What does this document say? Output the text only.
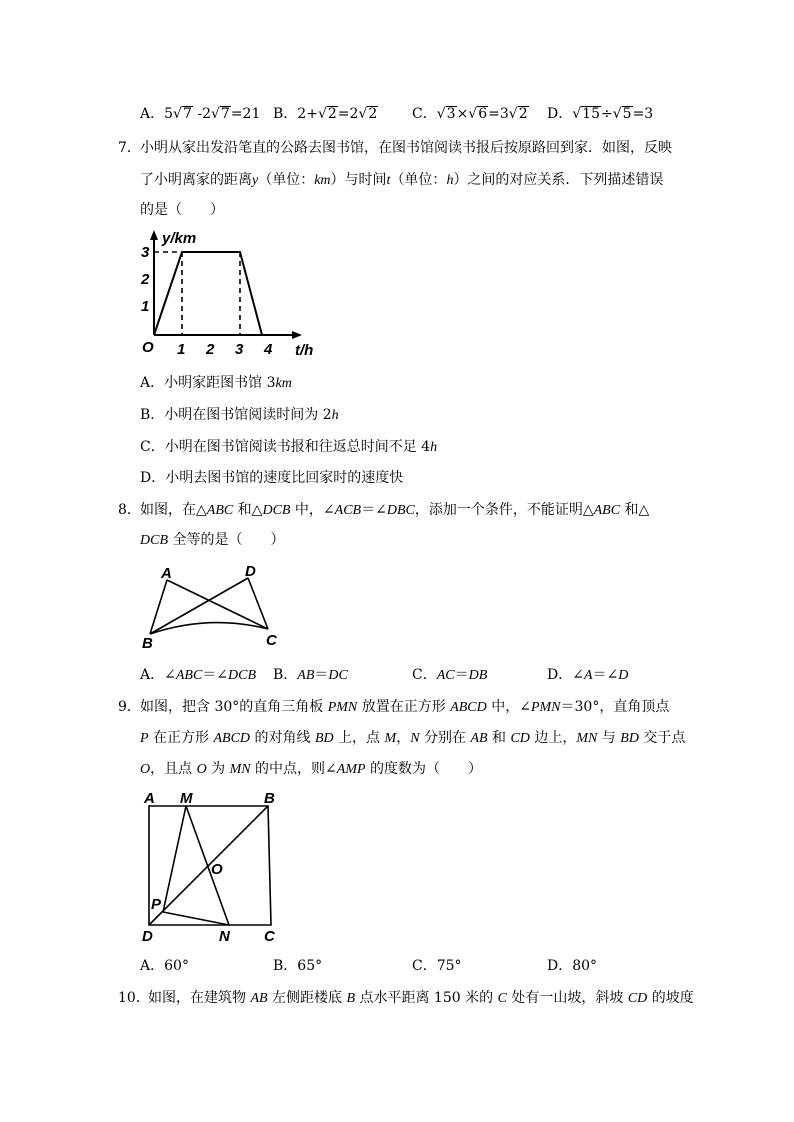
A．5√7 -2√7=21 B．2+√2=2√2 C．√3×√6=3√2 D．√15÷√5=3
7． 小明从家出发沿笔直的公路去图书馆，在图书馆阅读书报后按原路回到家．如图，反映
了小明离家的距离y（单位：km）与时间t（单位：h）之间的对应关系．下列描述错误
的是（　　）
y/km
3
2
1
O 1 2 3 4 t/h
A．小明家距图书馆 3km
B．小明在图书馆阅读时间为 2h
C．小明在图书馆阅读书报和往返总时间不足 4h
D．小明去图书馆的速度比回家时的速度快
8． 如图，在△ABC 和△DCB 中，∠ACB＝∠DBC，添加一个条件，不能证明△ABC 和△
DCB 全等的是（　　）
A	D
B	C
A．∠ABC＝∠DCB B．AB＝DC	C．AC＝DB	D．∠A＝∠D
9． 如图，把含 30°的直角三角板 PMN 放置在正方形 ABCD 中，∠PMN＝30°，直角顶点
P 在正方形 ABCD 的对角线 BD 上，点 M，N 分别在 AB 和 CD 边上，MN 与 BD 交于点
O，且点 O 为 MN 的中点，则∠AMP 的度数为（　　）
A M	B
O
P
D	N C
A．60°	B．65°	C．75°	D．80°
10．
如图，在建筑物 AB 左侧距楼底 B 点水平距离 150 米的 C 处有一山坡，斜坡 CD 的坡度
